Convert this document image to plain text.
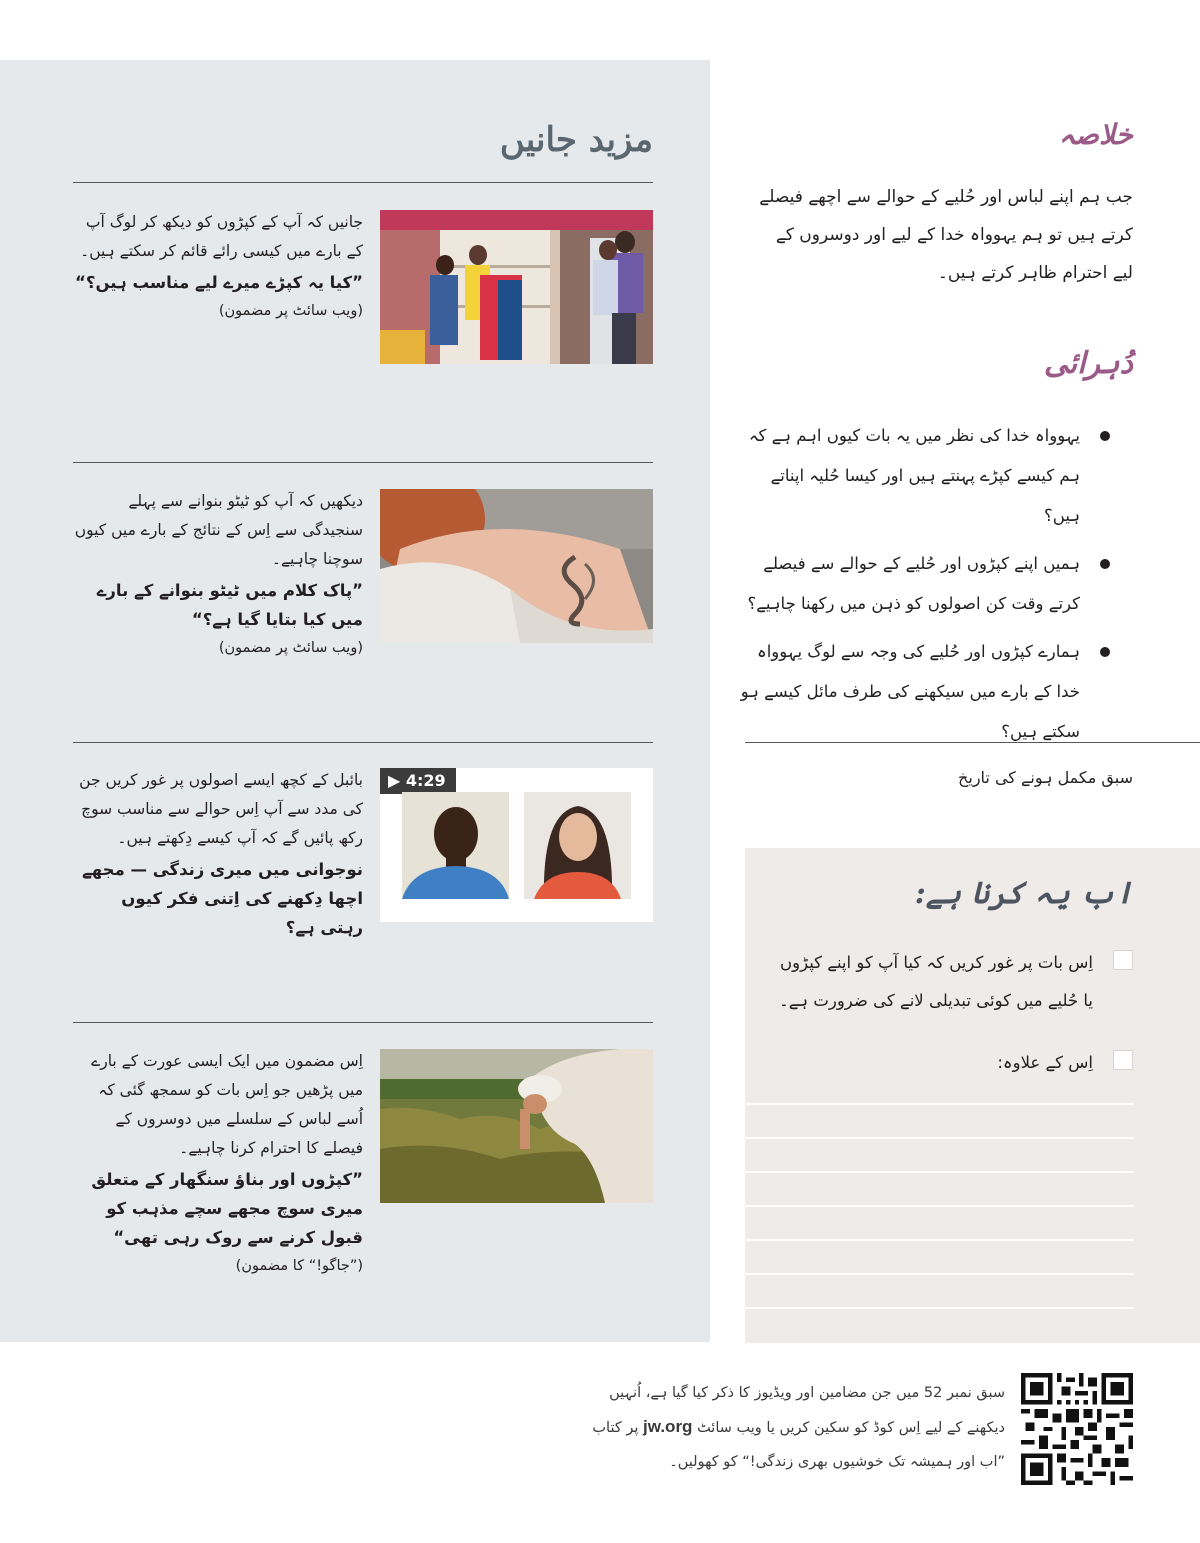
مزید جانیں
جانیں کہ آپ کے کپڑوں کو دیکھ کر لوگ آپ کے بارے میں کیسی رائے قائم کر سکتے ہیں۔
”کیا یہ کپڑے میرے لیے مناسب ہیں؟“
(ویب سائٹ پر مضمون)
دیکھیں کہ آپ کو ٹیٹو بنوانے سے پہلے سنجیدگی سے اِس کے نتائج کے بارے میں کیوں سوچنا چاہیے۔
”پاک کلام میں ٹیٹو بنوانے کے بارے میں کیا بتایا گیا ہے؟“
(ویب سائٹ پر مضمون)
بائبل کے کچھ ایسے اصولوں پر غور کریں جن کی مدد سے آپ اِس حوالے سے مناسب سوچ رکھ پائیں گے کہ آپ کیسے دِکھتے ہیں۔
نوجوانی میں میری زندگی — مجھے اچھا دِکھنے کی اِتنی فکر کیوں رہتی ہے؟
▶ 4:29
اِس مضمون میں ایک ایسی عورت کے بارے میں پڑھیں جو اِس بات کو سمجھ گئی کہ اُسے لباس کے سلسلے میں دوسروں کے فیصلے کا احترام کرنا چاہیے۔
”کپڑوں اور بناؤ سنگھار کے متعلق میری سوچ مجھے سچے مذہب کو قبول کرنے سے روک رہی تھی“
(”جاگو!“ کا مضمون)
خلاصہ

جب ہم اپنے لباس اور حُلیے کے حوالے سے اچھے فیصلے کرتے ہیں تو ہم یہوواہ خدا کے لیے اور دوسروں کے لیے احترام ظاہر کرتے ہیں۔

دُہرائی
یہوواہ خدا کی نظر میں یہ بات کیوں اہم ہے کہ ہم کیسے کپڑے پہنتے ہیں اور کیسا حُلیہ اپناتے ہیں؟
ہمیں اپنے کپڑوں اور حُلیے کے حوالے سے فیصلے کرتے وقت کن اصولوں کو ذہن میں رکھنا چاہیے؟
ہمارے کپڑوں اور حُلیے کی وجہ سے لوگ یہوواہ خدا کے بارے میں سیکھنے کی طرف مائل کیسے ہو سکتے ہیں؟
سبق مکمل ہونے کی تاریخ
اب یہ کرنا ہے:
اِس بات پر غور کریں کہ کیا آپ کو اپنے کپڑوں یا حُلیے میں کوئی تبدیلی لانے کی ضرورت ہے۔
اِس کے علاوہ:

سبق نمبر 52 میں جن مضامین اور ویڈیوز کا ذکر کیا گیا ہے، اُنہیں دیکھنے کے لیے اِس کوڈ کو سکین کریں یا ویب سائٹ jw.org پر کتاب ”اب اور ہمیشہ تک خوشیوں بھری زندگی!“ کو کھولیں۔
